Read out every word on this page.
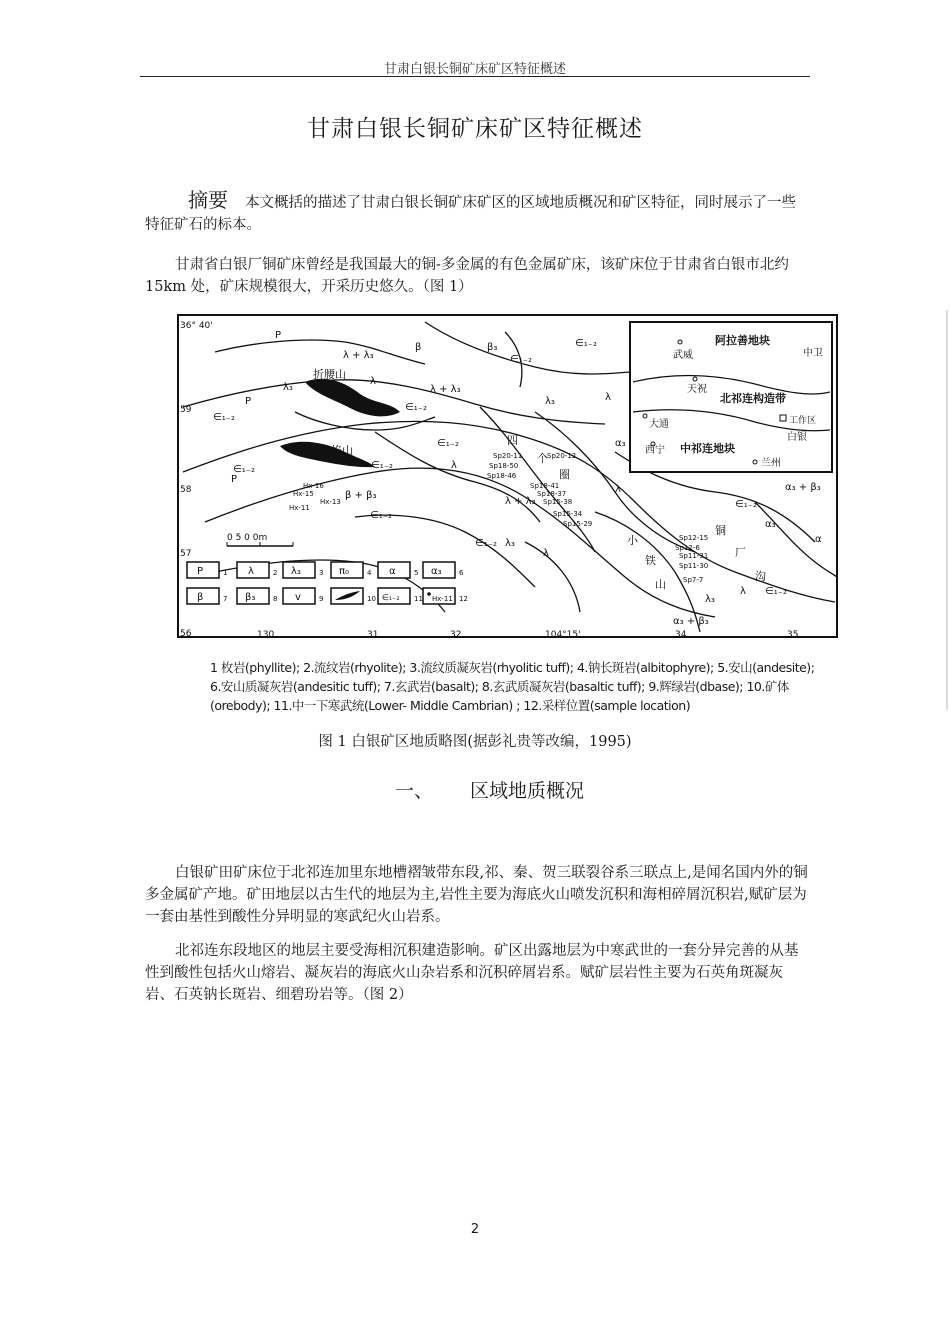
甘肃白银长铜矿床矿区特征概述
甘肃白银长铜矿床矿区特征概述
摘要	本文概括的描述了甘肃白银长铜矿床矿区的区域地质概况和矿区特征，同时展示了一些特征矿石的标本。

甘肃省白银厂铜矿床曾经是我国最大的铜-多金属的有色金属矿床，该矿床位于甘肃省白银市北约 15km 处，矿床规模很大，开采历史悠久。（图 1）

阿拉善地块
武威	中卫
天祝
北祁连构造带
大通	工作区
白银
西宁 中祁连地块
兰州
折腰山
火焰山
四
个
圈
小
铁
山
铜
厂
沟
Sp20-11
Sp18-50
Sp18-46
Sp20-12
Sp18-41
Sp18-37
Sp15-38
Sp15-34
Sp15-29
Hx-16
Hx-15
Hx-13
Hx-11
Sp12-15
Sp12-6
Sp11-31
Sp11-30
Sp7-7
P
P
λ₃
λ + λ₃
β	β₃
λ
λ + λ₃
∈₁₋₂
∈₁₋₂
∈₁₋₂	∈₁₋₂
β + β₃
∈₁₋₂
∈₁₋₂
λ
∈₁₋₂
λ₃
∈₁₋₂
λ
α₃
λ + λ₃
∈₁₋₂ λ₃
λ
λ
∈₁₋₂
α₃ + β₃
α₃
α
λ₃
λ ∈₁₋₂
α₃ + β₃
P
0 5 0 0m
36° 40'
59
58
57
56	130	31	32	104°15'	34	35
P	1 λ	2 λ₃	3 π₀	4 α	5 α₃ 6
β	7 β₃	8 v	9	10 ∈₁₋₂ 11 Hx-11 12
1 枚岩(phyllite); 2.流纹岩(rhyolite); 3.流纹质凝灰岩(rhyolitic tuff); 4.钠长斑岩(albitophyre); 5.安山(andesite); 6.安山质凝灰岩(andesitic tuff); 7.玄武岩(basalt); 8.玄武质凝灰岩(basaltic tuff); 9.辉绿岩(dbase); 10.矿体(orebody); 11.中一下寒武统(Lower- Middle Cambrian) ; 12.采样位置(sample location)
图 1 白银矿区地质略图(据彭礼贵等改编，1995)
一、 区域地质概况

白银矿田矿床位于北祁连加里东地槽褶皱带东段,祁、秦、贺三联裂谷系三联点上,是闻名国内外的铜多金属矿产地。矿田地层以古生代的地层为主,岩性主要为海底火山喷发沉积和海相碎屑沉积岩,赋矿层为一套由基性到酸性分异明显的寒武纪火山岩系。

北祁连东段地区的地层主要受海相沉积建造影响。矿区出露地层为中寒武世的一套分异完善的从基性到酸性包括火山熔岩、凝灰岩的海底火山杂岩系和沉积碎屑岩系。赋矿层岩性主要为石英角斑凝灰岩、石英钠长斑岩、细碧玢岩等。（图 2）

2
